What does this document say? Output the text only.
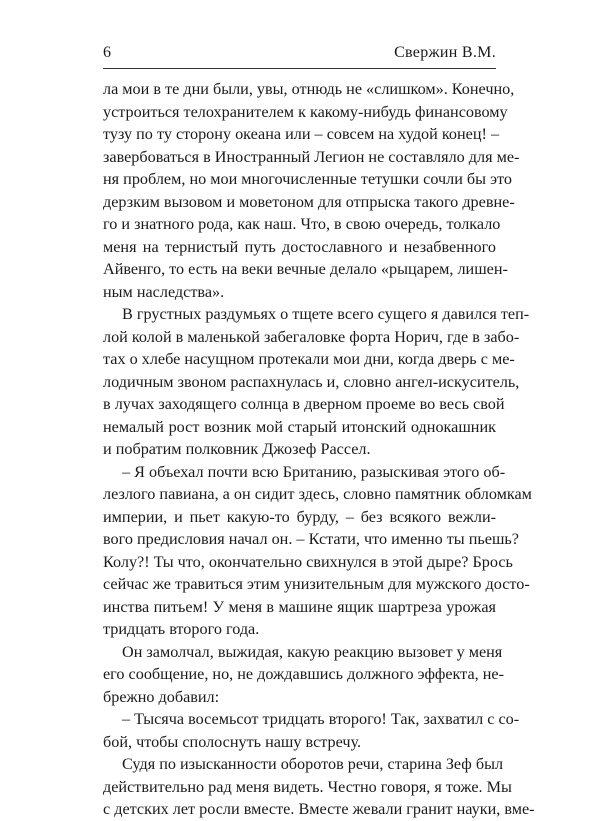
6	Свержин В.М.
ла мои в те дни были, увы, отнюдь не «слишком». Конечно,
устроиться телохранителем к какому-нибудь финансовому
тузу по ту сторону океана или – совсем на худой конец! –
завербоваться в Иностранный Легион не составляло для ме-
ня проблем, но мои многочисленные тетушки сочли бы это
дерзким вызовом и моветоном для отпрыска такого древне-
го и знатного рода, как наш. Что, в свою очередь, толкало
меня на тернистый путь достославного и незабвенного
Айвенго, то есть на веки вечные делало «рыцарем, лишен-
ным наследства».
В грустных раздумьях о тщете всего сущего я давился теп-
лой колой в маленькой забегаловке форта Норич, где в забо-
тах о хлебе насущном протекали мои дни, когда дверь с ме-
лодичным звоном распахнулась и, словно ангел-искуситель,
в лучах заходящего солнца в дверном проеме во весь свой
немалый рост возник мой старый итонский однокашник
и побратим полковник Джозеф Рассел.
– Я объехал почти всю Британию, разыскивая этого об-
лезлого павиана, а он сидит здесь, словно памятник обломкам
империи, и пьет какую-то бурду, – без всякого вежли-
вого предисловия начал он. – Кстати, что именно ты пьешь?
Колу?! Ты что, окончательно свихнулся в этой дыре? Брось
сейчас же травиться этим унизительным для мужского досто-
инства питьем! У меня в машине ящик шартреза урожая
тридцать второго года.
Он замолчал, выжидая, какую реакцию вызовет у меня
его сообщение, но, не дождавшись должного эффекта, не-
брежно добавил:
– Тысяча восемьсот тридцать второго! Так, захватил с со-
бой, чтобы сполоснуть нашу встречу.
Судя по изысканности оборотов речи, старина Зеф был
действительно рад меня видеть. Честно говоря, я тоже. Мы
с детских лет росли вместе. Вместе жевали гранит науки, вме-
